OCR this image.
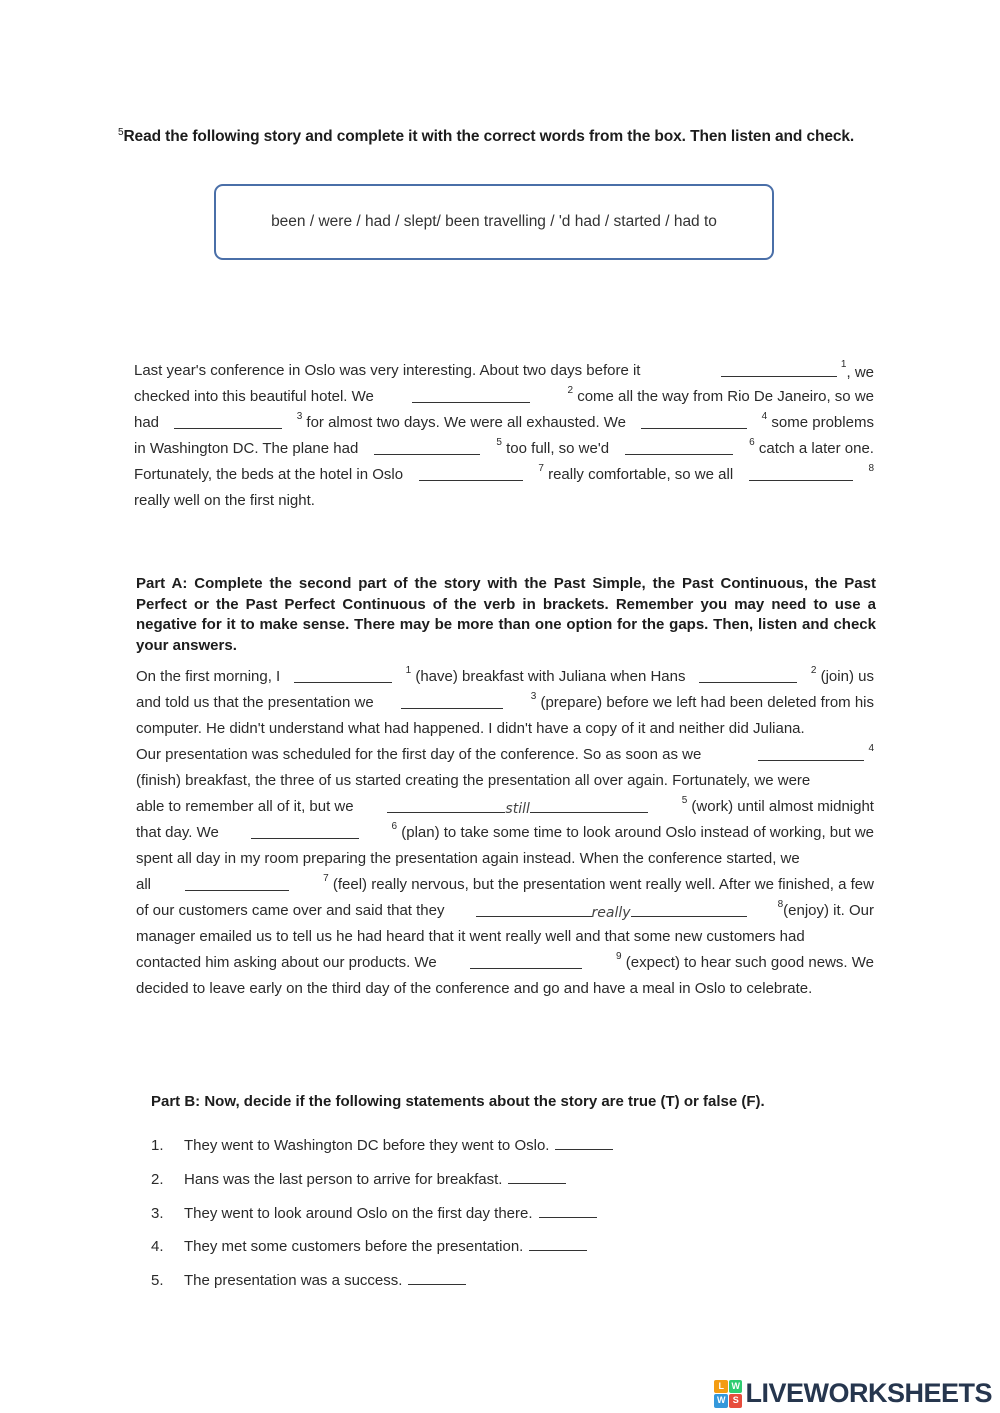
$^5$Read the following story and complete it with the correct words from the box. Then listen and check.
been / were / had / slept/ been travelling / 'd had / started / had to
Last year's conference in Oslo was very interesting. About two days before it	$^1$, we
checked into this beautiful hotel. We	$^2$ come all the way from Rio De Janeiro, so we
had	$^3$ for almost two days. We were all exhausted. We	$^4$ some problems
in Washington DC. The plane had	$^5$ too full, so we'd	$^6$ catch a later one.
Fortunately, the beds at the hotel in Oslo	$^7$ really comfortable, so we all	$^8$
really well on the first night.
Part A: Complete the second part of the story with the Past Simple, the Past Continuous, the Past Perfect or the Past Perfect Continuous of the verb in brackets. Remember you may need to use a negative for it to make sense. There may be more than one option for the gaps. Then, listen and check your answers.
On the first morning, I	$^1$ (have) breakfast with Juliana when Hans	$^2$ (join) us
and told us that the presentation we	$^3$ (prepare) before we left had been deleted from his
computer. He didn't understand what had happened. I didn't have a copy of it and neither did Juliana.
Our presentation was scheduled for the first day of the conference. So as soon as we	$^4$
(finish) breakfast, the three of us started creating the presentation all over again. Fortunately, we were
able to remember all of it, but we	still
$^5$ (work) until almost midnight
that day. We	$^6$ (plan) to take some time to look around Oslo instead of working, but we
spent all day in my room preparing the presentation again instead. When the conference started, we
all	$^7$ (feel) really nervous, but the presentation went really well. After we finished, a few
of our customers came over and said that they	really
$^8$(enjoy) it. Our
manager emailed us to tell us he had heard that it went really well and that some new customers had
contacted him asking about our products. We	$^9$ (expect) to hear such good news. We
decided to leave early on the third day of the conference and go and have a meal in Oslo to celebrate.
Part B: Now, decide if the following statements about the story are true (T) or false (F).
1. They went to Washington DC before they went to Oslo.
2. Hans was the last person to arrive for breakfast.
3. They went to look around Oslo on the first day there.
4. They met some customers before the presentation.
5. The presentation was a success.
L W
W S LIVEWORKSHEETS
